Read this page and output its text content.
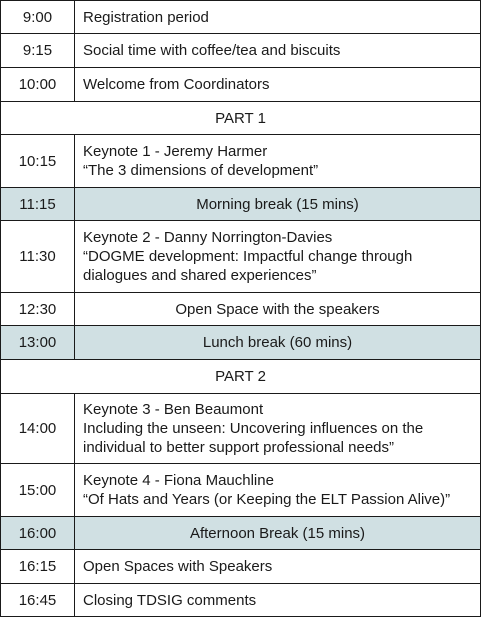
9:00	Registration period

9:15	Social time with coffee/tea and biscuits

10:00	Welcome from Coordinators

PART 1	
10:15	Keynote 1 - Jeremy Harmer
“The 3 dimensions of development”

11:15	Morning break (15 mins)
11:30	Keynote 2 - Danny Norrington-Davies
“DOGME development: Impactful change through
dialogues and shared experiences”

12:30	Open Space with the speakers
13:00	Lunch break (60 mins)
PART 2	
14:00	Keynote 3 - Ben Beaumont
Including the unseen: Uncovering influences on the
individual to better support professional needs”

15:00	Keynote 4 - Fiona Mauchline
“Of Hats and Years (or Keeping the ELT Passion Alive)”

16:00	Afternoon Break (15 mins)
16:15	Open Spaces with Speakers

16:45	Closing TDSIG comments
